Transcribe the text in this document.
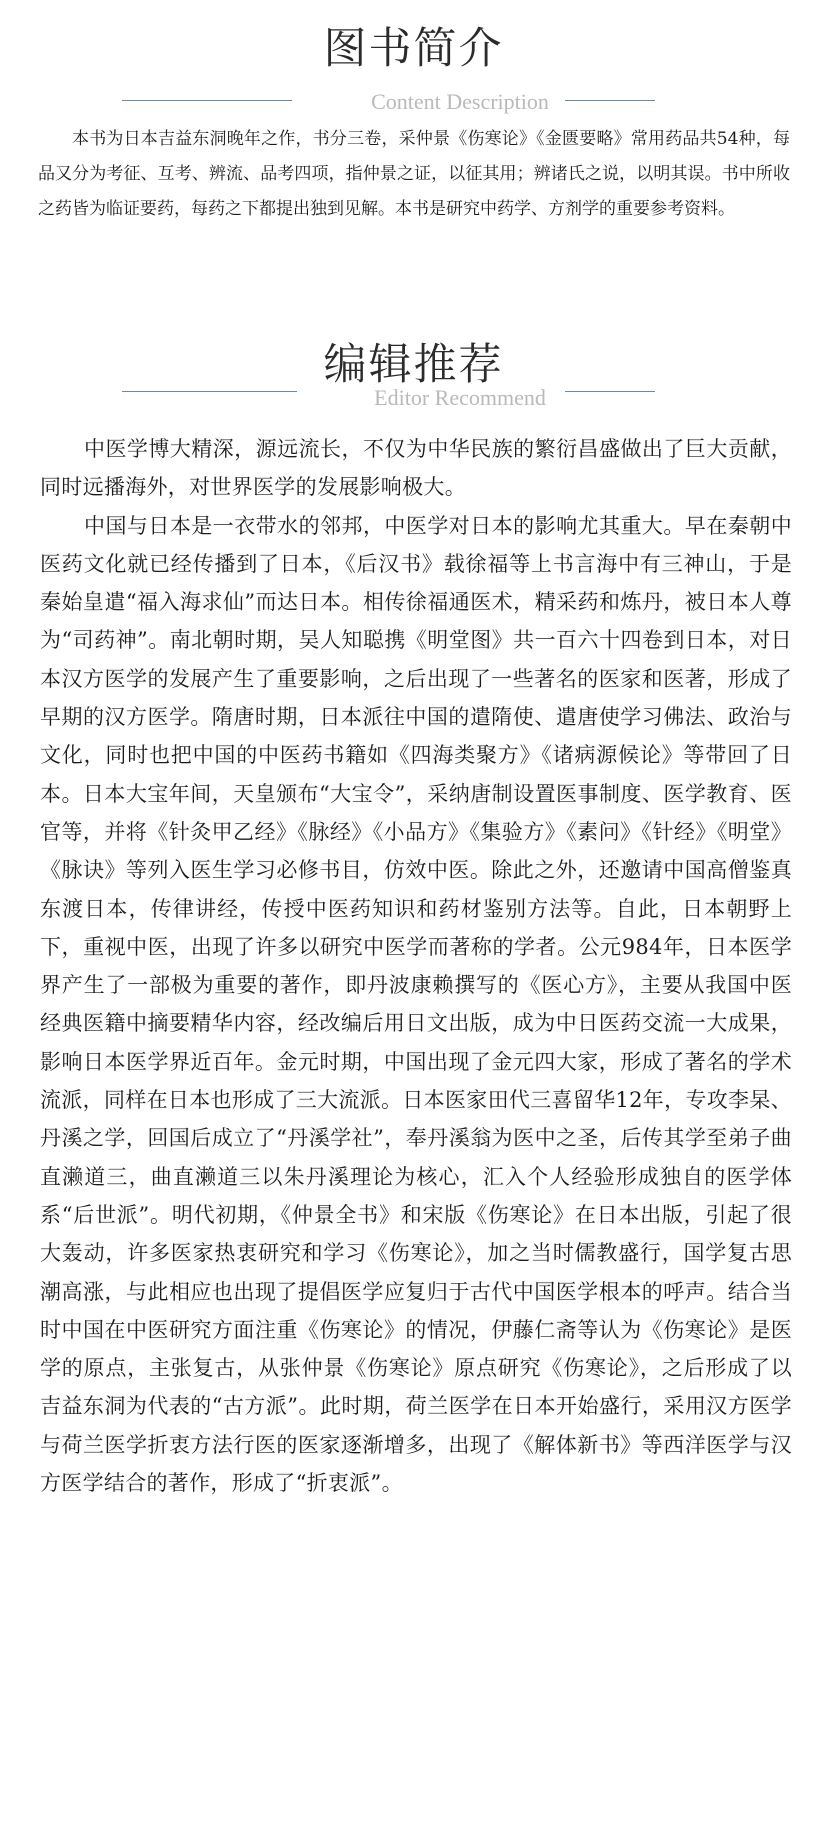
图书简介
Content Description

本书为日本吉益东洞晚年之作，书分三卷，采仲景《伤寒论》《金匮要略》常用药品共54种，每品又分为考征、互考、辨流、品考四项，指仲景之证，以征其用；辨诸氏之说，以明其误。书中所收之药皆为临证要药，每药之下都提出独到见解。本书是研究中药学、方剂学的重要参考资料。

编辑推荐
Editor Recommend

中医学博大精深，源远流长，不仅为中华民族的繁衍昌盛做出了巨大贡献，同时远播海外，对世界医学的发展影响极大。

中国与日本是一衣带水的邻邦，中医学对日本的影响尤其重大。早在秦朝中医药文化就已经传播到了日本，《后汉书》载徐福等上书言海中有三神山，于是秦始皇遣“福入海求仙”而达日本。相传徐福通医术，精采药和炼丹，被日本人尊为“司药神”。南北朝时期，吴人知聪携《明堂图》共一百六十四卷到日本，对日本汉方医学的发展产生了重要影响，之后出现了一些著名的医家和医著，形成了早期的汉方医学。隋唐时期，日本派往中国的遣隋使、遣唐使学习佛法、政治与文化，同时也把中国的中医药书籍如《四海类聚方》《诸病源候论》等带回了日本。日本大宝年间，天皇颁布“大宝令”，采纳唐制设置医事制度、医学教育、医官等，并将《针灸甲乙经》《脉经》《小品方》《集验方》《素问》《针经》《明堂》《脉诀》等列入医生学习必修书目，仿效中医。除此之外，还邀请中国高僧鉴真东渡日本，传律讲经，传授中医药知识和药材鉴别方法等。自此，日本朝野上下，重视中医，出现了许多以研究中医学而著称的学者。公元984年，日本医学界产生了一部极为重要的著作，即丹波康赖撰写的《医心方》，主要从我国中医经典医籍中摘要精华内容，经改编后用日文出版，成为中日医药交流一大成果，影响日本医学界近百年。金元时期，中国出现了金元四大家，形成了著名的学术流派，同样在日本也形成了三大流派。日本医家田代三喜留华12年，专攻李杲、丹溪之学，回国后成立了“丹溪学社”，奉丹溪翁为医中之圣，后传其学至弟子曲直濑道三，曲直濑道三以朱丹溪理论为核心，汇入个人经验形成独自的医学体系“后世派”。明代初期，《仲景全书》和宋版《伤寒论》在日本出版，引起了很大轰动，许多医家热衷研究和学习《伤寒论》，加之当时儒教盛行，国学复古思潮高涨，与此相应也出现了提倡医学应复归于古代中国医学根本的呼声。结合当时中国在中医研究方面注重《伤寒论》的情况，伊藤仁斋等认为《伤寒论》是医学的原点，主张复古，从张仲景《伤寒论》原点研究《伤寒论》，之后形成了以吉益东洞为代表的“古方派”。此时期，荷兰医学在日本开始盛行，采用汉方医学与荷兰医学折衷方法行医的医家逐渐增多，出现了《解体新书》等西洋医学与汉方医学结合的著作，形成了“折衷派”。
